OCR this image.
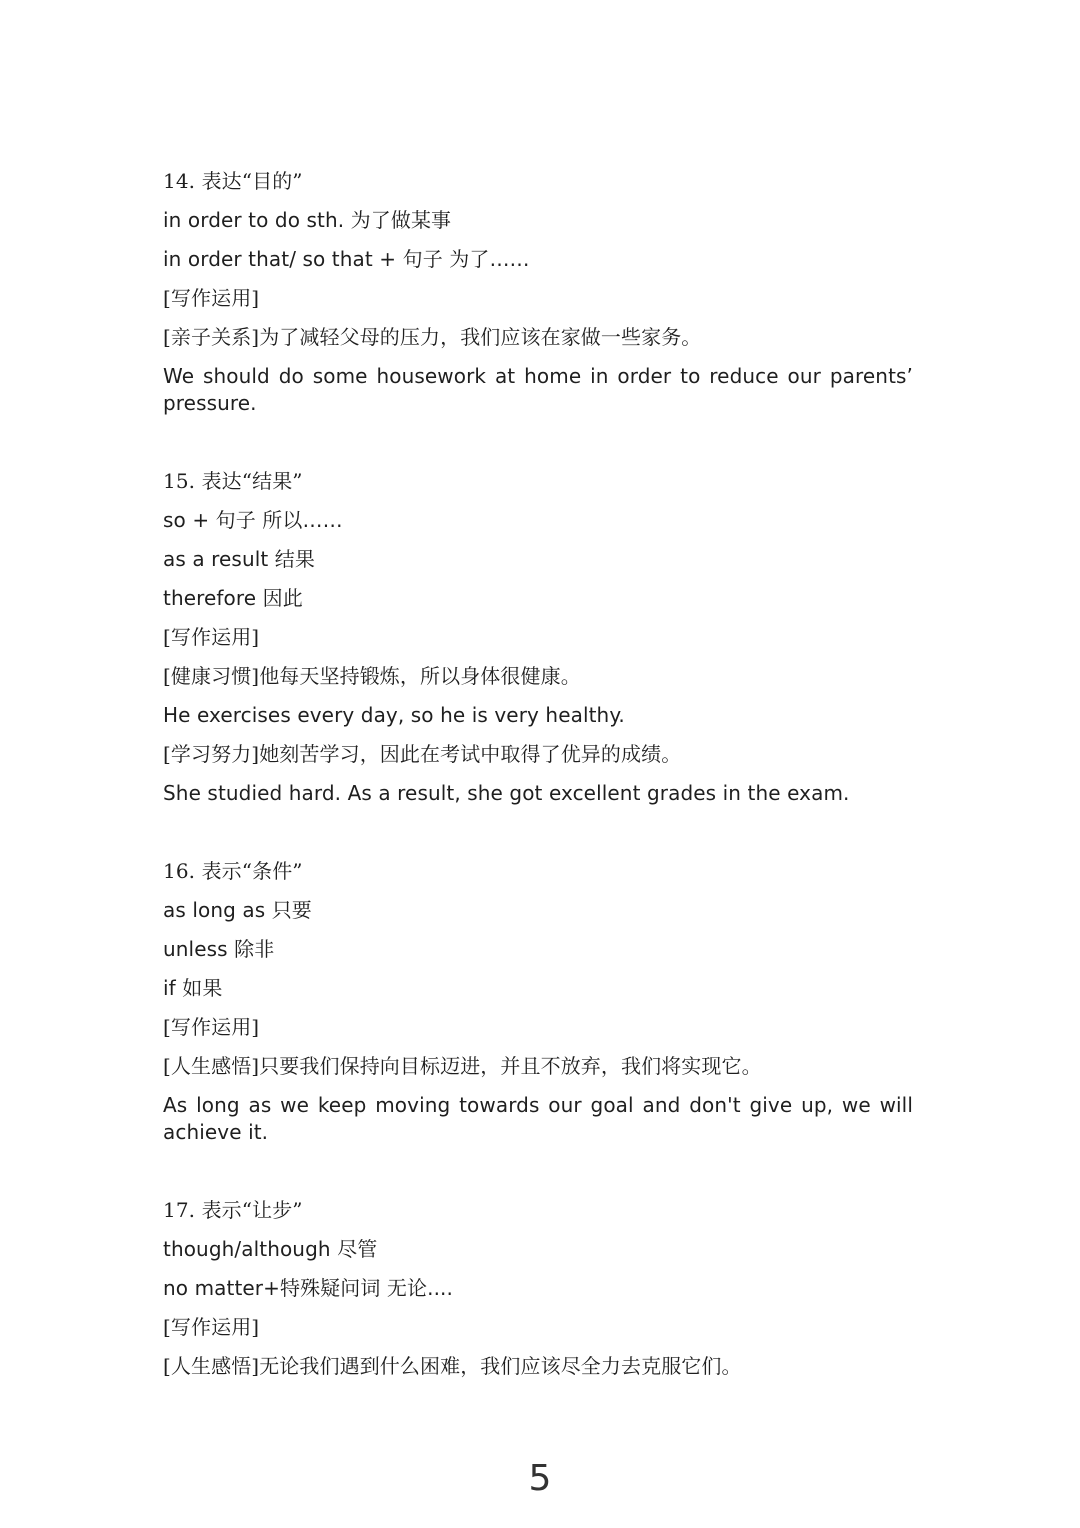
14. 表达“目的”
in order to do sth. 为了做某事
in order that/ so that + 句子 为了……
[写作运用]
[亲子关系]为了减轻父母的压力，我们应该在家做一些家务。
We should do some housework at home in order to reduce our parents’ pressure.
15. 表达“结果”
so + 句子 所以……
as a result 结果
therefore 因此
[写作运用]
[健康习惯]他每天坚持锻炼，所以身体很健康。
He exercises every day, so he is very healthy.
[学习努力]她刻苦学习，因此在考试中取得了优异的成绩。
She studied hard. As a result, she got excellent grades in the exam.
16. 表示“条件”
as long as 只要
unless 除非
if 如果
[写作运用]
[人生感悟]只要我们保持向目标迈进，并且不放弃，我们将实现它。
As long as we keep moving towards our goal and don't give up, we will achieve it.
17. 表示“让步”
though/although 尽管
no matter+特殊疑问词 无论....
[写作运用]
[人生感悟]无论我们遇到什么困难，我们应该尽全力去克服它们。
5
